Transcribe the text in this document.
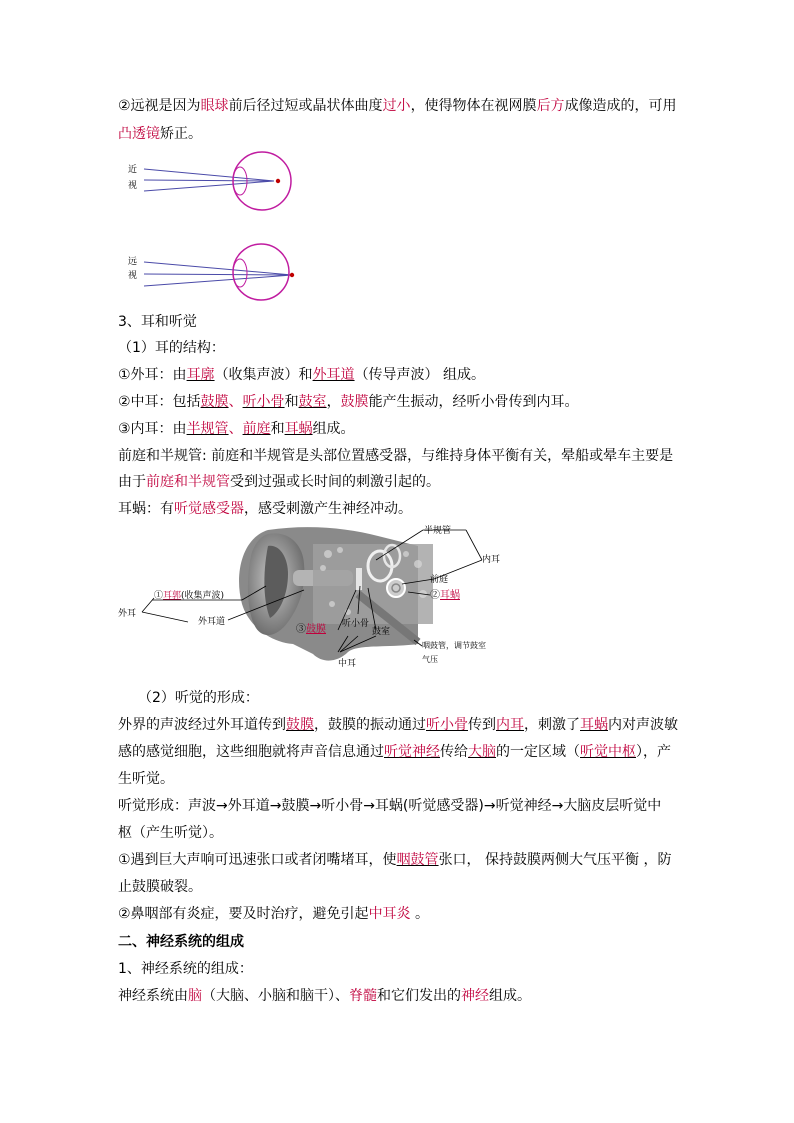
②远视是因为眼球前后径过短或晶状体曲度过小，使得物体在视网膜后方成像造成的，可用

凸透镜矫正。

近
视
远
视

3、耳和听觉

（1）耳的结构：

①外耳：由耳廓（收集声波）和外耳道（传导声波） 组成。

②中耳：包括鼓膜、听小骨和鼓室，鼓膜能产生振动，经听小骨传到内耳。

③内耳：由半规管、前庭和耳蜗组成。

前庭和半规管: 前庭和半规管是头部位置感受器，与维持身体平衡有关，晕船或晕车主要是

由于前庭和半规管受到过强或长时间的刺激引起的。

耳蜗：有听觉感受器，感受刺激产生神经冲动。

半规管
内耳
前庭
②耳蜗
①耳郭(收集声波)
外耳
外耳道
③鼓膜 听小骨
鼓室
中耳
咽鼓管，调节鼓室
气压

（2）听觉的形成：

外界的声波经过外耳道传到鼓膜，鼓膜的振动通过听小骨传到内耳，刺激了耳蜗内对声波敏

感的感觉细胞，这些细胞就将声音信息通过听觉神经传给大脑的一定区域（听觉中枢），产

生听觉。

听觉形成：声波→外耳道→鼓膜→听小骨→耳蜗(听觉感受器)→听觉神经→大脑皮层听觉中

枢（产生听觉）。

①遇到巨大声响可迅速张口或者闭嘴堵耳，使咽鼓管张口， 保持鼓膜两侧大气压平衡 ，防

止鼓膜破裂。

②鼻咽部有炎症，要及时治疗，避免引起中耳炎 。

二、神经系统的组成

1、神经系统的组成：

神经系统由脑（大脑、小脑和脑干）、脊髓和它们发出的神经组成。
